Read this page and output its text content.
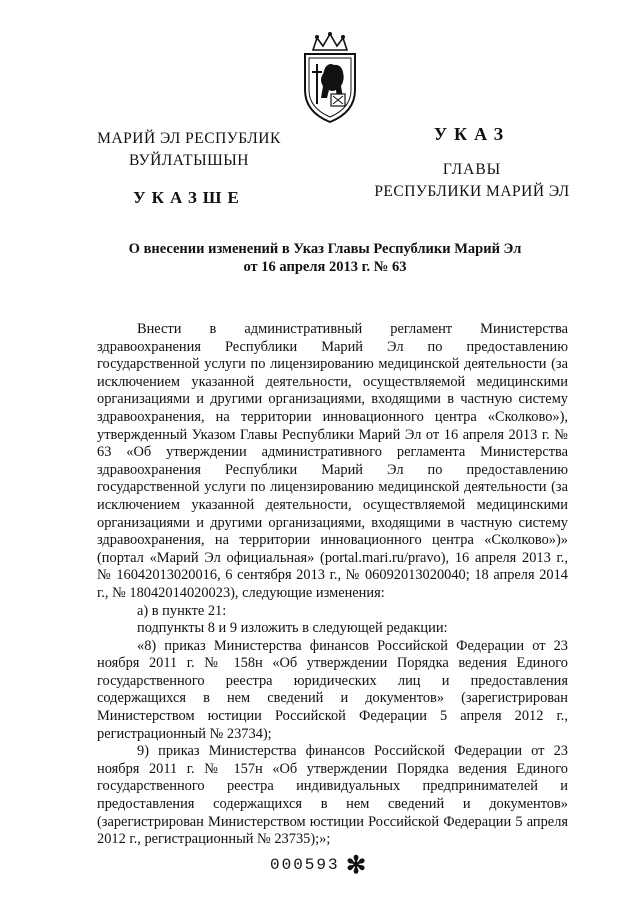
МАРИЙ ЭЛ РЕСПУБЛИК
ВУЙЛАТЫШЫН
УКАЗШЕ
УКАЗ
ГЛАВЫ
РЕСПУБЛИКИ МАРИЙ ЭЛ
О внесении изменений в Указ Главы Республики Марий Эл
от 16 апреля 2013 г. № 63

Внести в административный регламент Министерства здравоохранения Республики Марий Эл по предоставлению государственной услуги по лицензированию медицинской деятельности (за исключением указанной деятельности, осуществляемой медицинскими организациями и другими организациями, входящими в частную систему здравоохранения, на территории инновационного центра «Сколково»), утвержденный Указом Главы Республики Марий Эл от 16 апреля 2013 г. № 63 «Об утверждении административного регламента Министерства здравоохранения Республики Марий Эл по предоставлению государственной услуги по лицензированию медицинской деятельности (за исключением указанной деятельности, осуществляемой медицинскими организациями и другими организациями, входящими в частную систему здравоохранения, на территории инновационного центра «Сколково»)» (портал «Марий Эл официальная» (portal.mari.ru/pravo), 16 апреля 2013 г., № 16042013020016, 6 сентября 2013 г., № 06092013020040; 18 апреля 2014 г., № 18042014020023), следующие изменения:

а) в пункте 21:

подпункты 8 и 9 изложить в следующей редакции:

«8) приказ Министерства финансов Российской Федерации от 23 ноября 2011 г. № 158н «Об утверждении Порядка ведения Единого государственного реестра юридических лиц и предоставления содержащихся в нем сведений и документов» (зарегистрирован Министерством юстиции Российской Федерации 5 апреля 2012 г., регистрационный № 23734);

9) приказ Министерства финансов Российской Федерации от 23 ноября 2011 г. № 157н «Об утверждении Порядка ведения Единого государственного реестра индивидуальных предпринимателей и предоставления содержащихся в нем сведений и документов» (зарегистрирован Министерством юстиции Российской Федерации 5 апреля 2012 г., регистрационный № 23735);»;

000593 ✻
